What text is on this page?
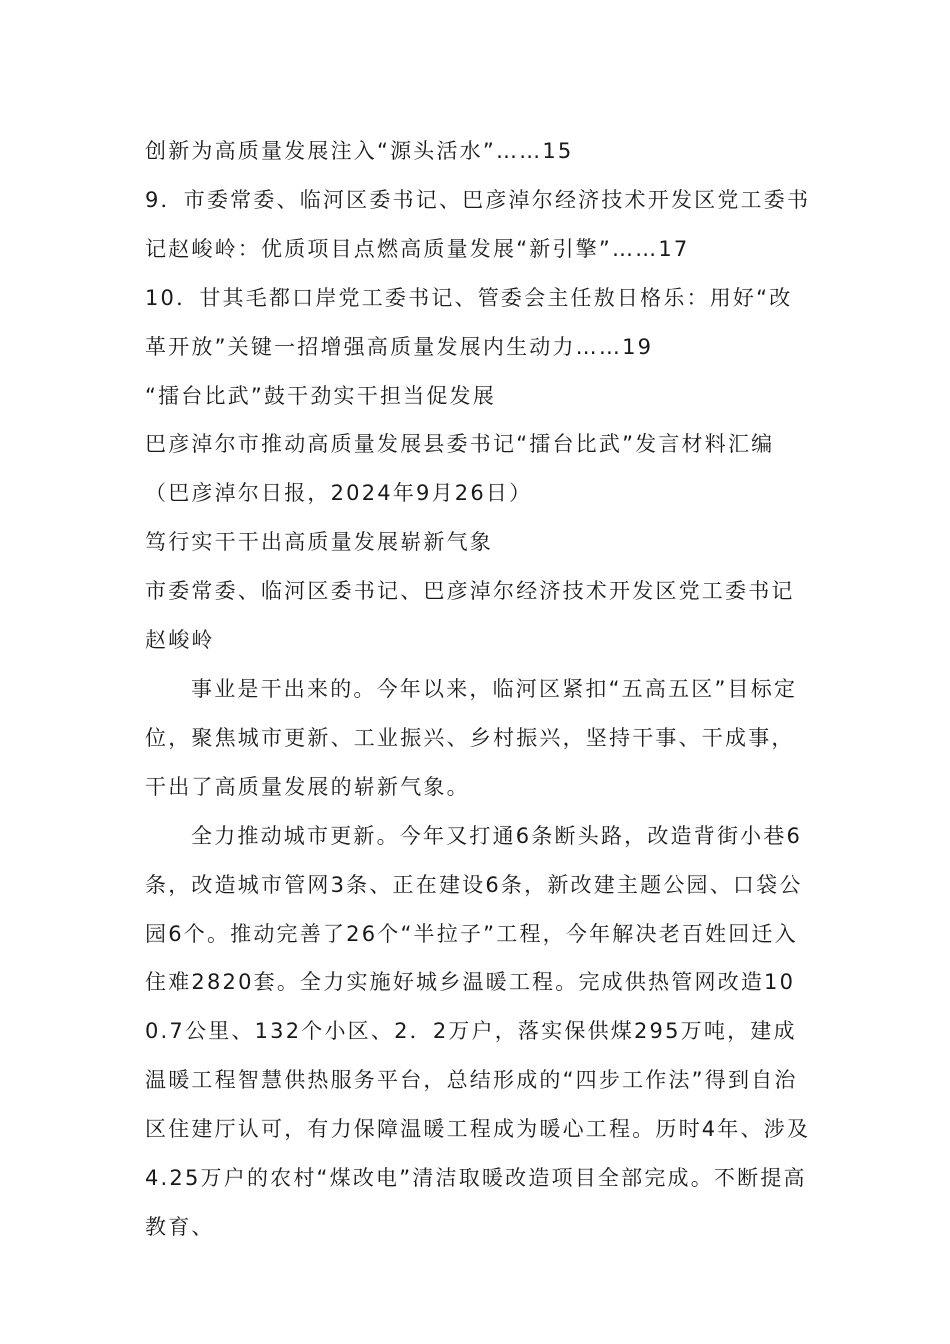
创新为高质量发展注入“源头活水”……15

9．市委常委、临河区委书记、巴彦淖尔经济技术开发区党工委书记赵峻岭：优质项目点燃高质量发展“新引擎”……17

10．甘其毛都口岸党工委书记、管委会主任敖日格乐：用好“改革开放”关键一招增强高质量发展内生动力……19

“擂台比武”鼓干劲实干担当促发展

巴彦淖尔市推动高质量发展县委书记“擂台比武”发言材料汇编

（巴彦淖尔日报，2024年9月26日）

笃行实干干出高质量发展崭新气象

市委常委、临河区委书记、巴彦淖尔经济技术开发区党工委书记赵峻岭

事业是干出来的。今年以来，临河区紧扣“五高五区”目标定位，聚焦城市更新、工业振兴、乡村振兴，坚持干事、干成事，干出了高质量发展的崭新气象。

全力推动城市更新。今年又打通6条断头路，改造背街小巷6条，改造城市管网3条、正在建设6条，新改建主题公园、口袋公园6个。推动完善了26个“半拉子”工程，今年解决老百姓回迁入住难2820套。全力实施好城乡温暖工程。完成供热管网改造100.7公里、132个小区、2．2万户，落实保供煤295万吨，建成温暖工程智慧供热服务平台，总结形成的“四步工作法”得到自治区住建厅认可，有力保障温暖工程成为暖心工程。历时4年、涉及4.25万户的农村“煤改电”清洁取暖改造项目全部完成。不断提高教育、
